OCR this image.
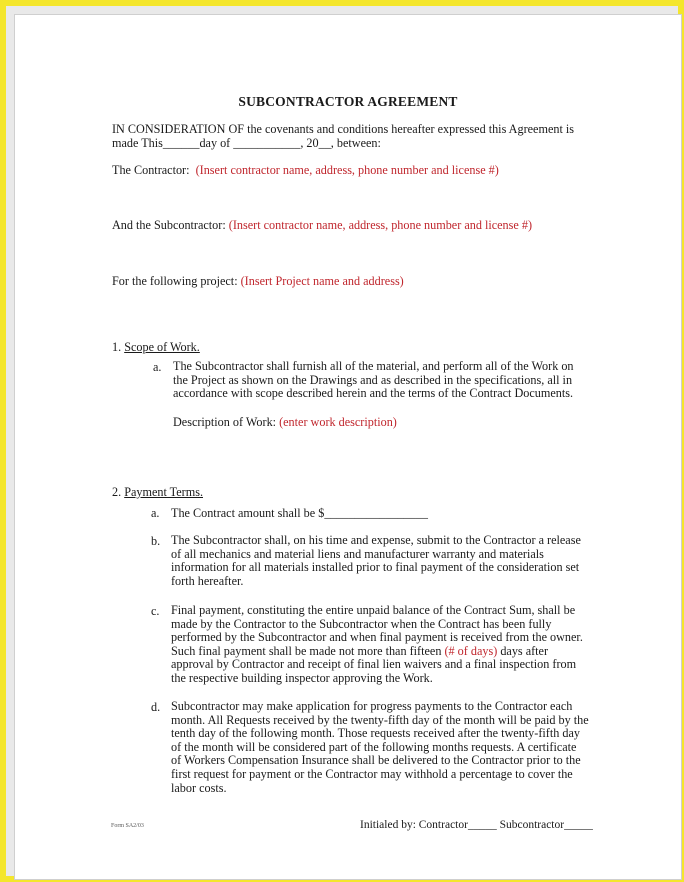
SUBCONTRACTOR AGREEMENT
IN CONSIDERATION OF the covenants and conditions hereafter expressed this Agreement is
made This______day of ___________, 20__, between:
The Contractor: (Insert contractor name, address, phone number and license #)
And the Subcontractor: (Insert contractor name, address, phone number and license #)
For the following project: (Insert Project name and address)
1. Scope of Work.
a. The Subcontractor shall furnish all of the material, and perform all of the Work on
the Project as shown on the Drawings and as described in the specifications, all in
accordance with scope described herein and the terms of the Contract Documents.
Description of Work: (enter work description)
2. Payment Terms.
a. The Contract amount shall be $_________________
b. The Subcontractor shall, on his time and expense, submit to the Contractor a release
of all mechanics and material liens and manufacturer warranty and materials
information for all materials installed prior to final payment of the consideration set
forth hereafter.
c. Final payment, constituting the entire unpaid balance of the Contract Sum, shall be
made by the Contractor to the Subcontractor when the Contract has been fully
performed by the Subcontractor and when final payment is received from the owner.
Such final payment shall be made not more than fifteen (# of days) days after
approval by Contractor and receipt of final lien waivers and a final inspection from
the respective building inspector approving the Work.
d. Subcontractor may make application for progress payments to the Contractor each
month. All Requests received by the twenty-fifth day of the month will be paid by the
tenth day of the following month. Those requests received after the twenty-fifth day
of the month will be considered part of the following months requests. A certificate
of Workers Compensation Insurance shall be delivered to the Contractor prior to the
first request for payment or the Contractor may withhold a percentage to cover the
labor costs.
Form SA2/03	Initialed by: Contractor_____ Subcontractor_____
